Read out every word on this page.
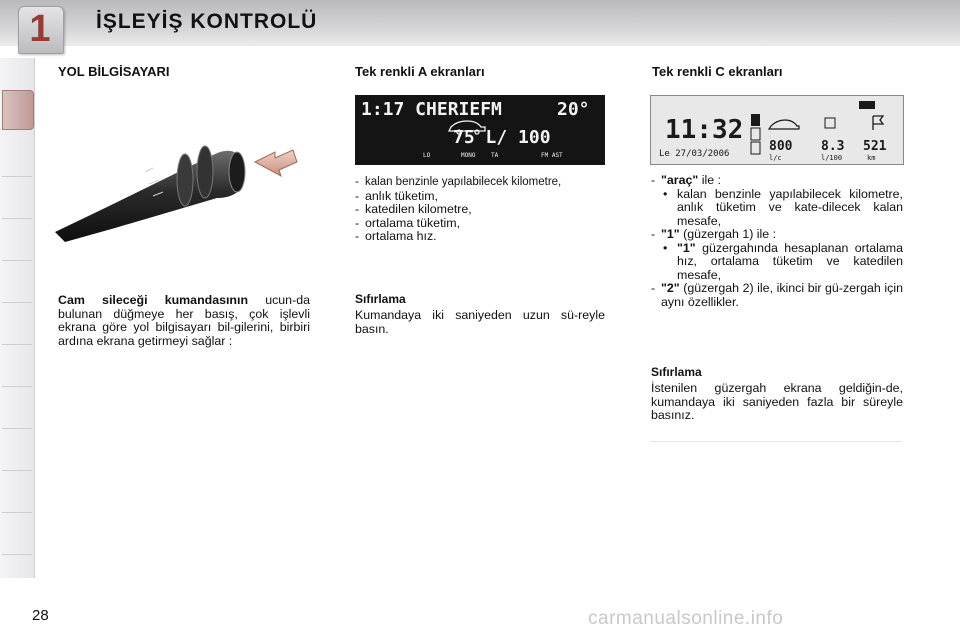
1	İŞLEYİŞ KONTROLÜ
YOL BİLGİSAYARI

Cam sileceği kumandasının ucun-da bulunan düğmeye her basış, çok işlevli ekrana göre yol bilgisayarı bil-gilerini, birbiri ardına ekrana getirmeyi sağlar :

Tek renkli A ekranları
1:17 CHERIEFM	20°
75 L/ 100
LO	MONO	TA	FM AST
- kalan benzinle yapılabilecek kilometre,
- anlık tüketim,
- katedilen kilometre,
- ortalama tüketim,
- ortalama hız.
Sıfırlama

Kumandaya iki saniyeden uzun sü-reyle basın.

Tek renkli C ekranları
11:32
Le 27/03/2006	800 8.3 521
l/c	l/100	km
- "araç" ile :
• kalan benzinle yapılabilecek kilometre, anlık tüketim ve kate-dilecek kalan mesafe,
- "1" (güzergah 1) ile :
• "1" güzergahında hesaplanan ortalama hız, ortalama tüketim ve katedilen mesafe,
- "2" (güzergah 2) ile, ikinci bir gü-zergah için aynı özellikler.
Sıfırlama

İstenilen güzergah ekrana geldiğin-de, kumandaya iki saniyeden fazla bir süreyle basınız.

28	carmanualsonline.info
